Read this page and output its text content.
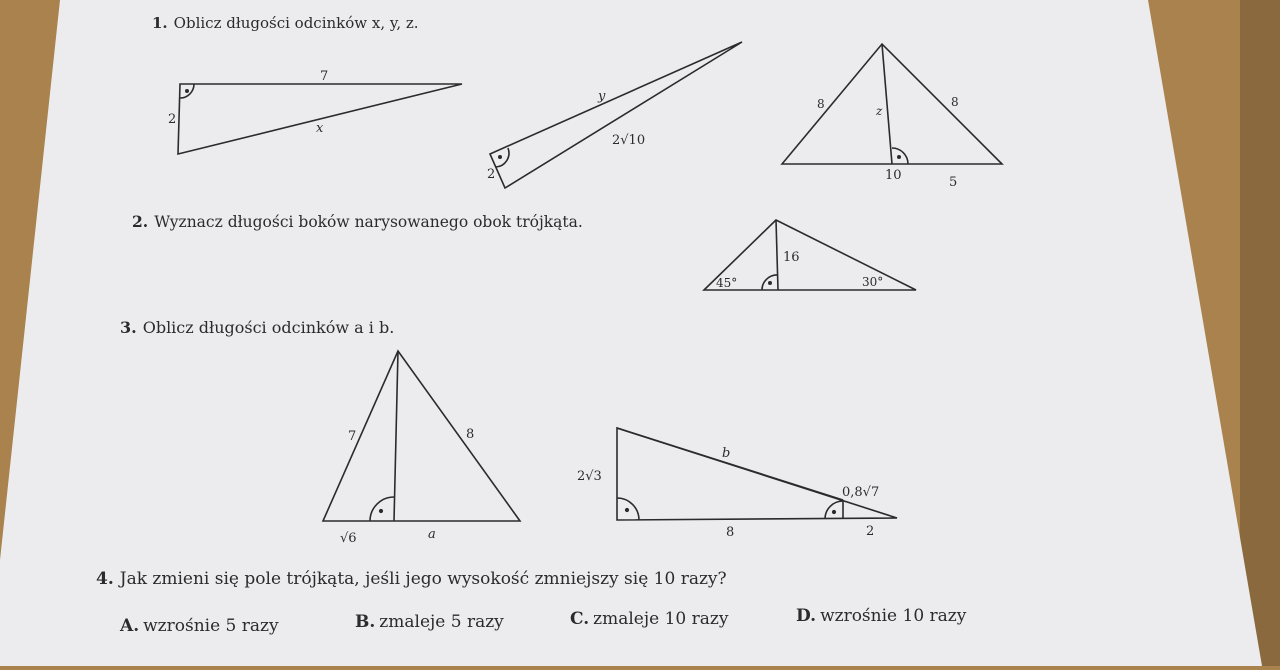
7
2
x
y
2√10
2
8	8
z
10	5
16
45°	30°
7	8
√6	a
2√3
b
0,8√7
8	2
1. Oblicz długości odcinków x, y, z.
2. Wyznacz długości boków narysowanego obok trójkąta.
3. Oblicz długości odcinków a i b.
4. Jak zmieni się pole trójkąta, jeśli jego wysokość zmniejszy się 10 razy?
A. wzrośnie 5 razy	B. zmaleje 5 razy	C. zmaleje 10 razy	D. wzrośnie 10 razy
